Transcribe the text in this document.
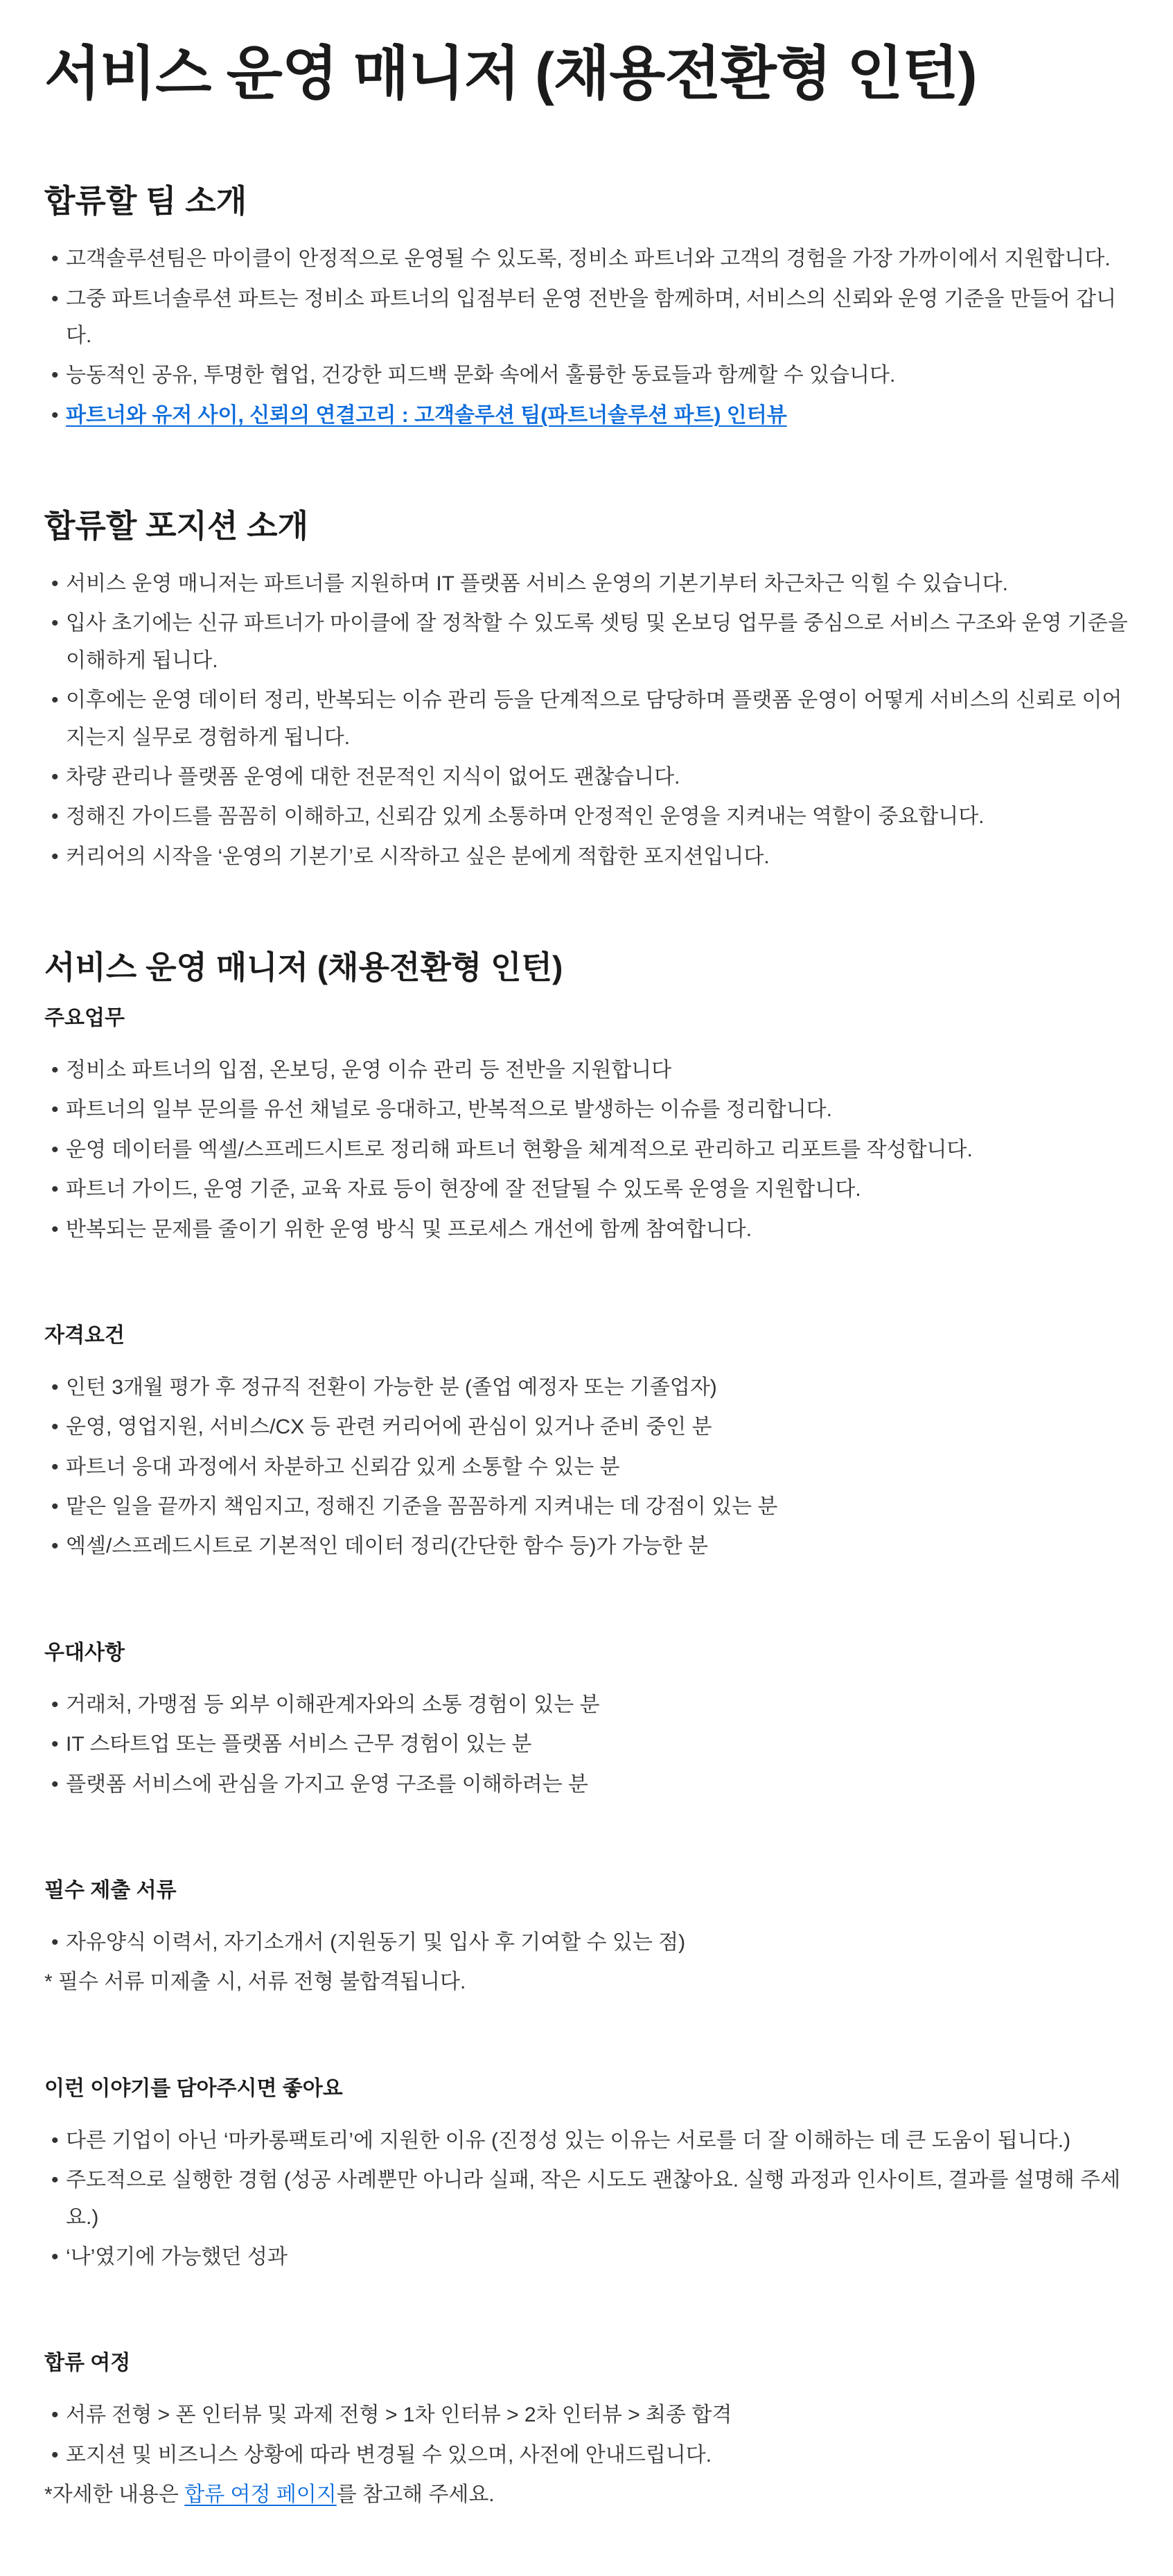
서비스 운영 매니저 (채용전환형 인턴)
합류할 팀 소개
• 고객솔루션팀은 마이클이 안정적으로 운영될 수 있도록, 정비소 파트너와 고객의 경험을 가장 가까이에서 지원합니다.
• 그중 파트너솔루션 파트는 정비소 파트너의 입점부터 운영 전반을 함께하며, 서비스의 신뢰와 운영 기준을 만들어 갑니다.
• 능동적인 공유, 투명한 협업, 건강한 피드백 문화 속에서 훌륭한 동료들과 함께할 수 있습니다.
• 파트너와 유저 사이, 신뢰의 연결고리 : 고객솔루션 팀(파트너솔루션 파트) 인터뷰
합류할 포지션 소개
• 서비스 운영 매니저는 파트너를 지원하며 IT 플랫폼 서비스 운영의 기본기부터 차근차근 익힐 수 있습니다.
• 입사 초기에는 신규 파트너가 마이클에 잘 정착할 수 있도록 셋팅 및 온보딩 업무를 중심으로 서비스 구조와 운영 기준을 이해하게 됩니다.
• 이후에는 운영 데이터 정리, 반복되는 이슈 관리 등을 단계적으로 담당하며 플랫폼 운영이 어떻게 서비스의 신뢰로 이어지는지 실무로 경험하게 됩니다.
• 차량 관리나 플랫폼 운영에 대한 전문적인 지식이 없어도 괜찮습니다.
• 정해진 가이드를 꼼꼼히 이해하고, 신뢰감 있게 소통하며 안정적인 운영을 지켜내는 역할이 중요합니다.
• 커리어의 시작을 ‘운영의 기본기’로 시작하고 싶은 분에게 적합한 포지션입니다.
서비스 운영 매니저 (채용전환형 인턴)
주요업무
• 정비소 파트너의 입점, 온보딩, 운영 이슈 관리 등 전반을 지원합니다
• 파트너의 일부 문의를 유선 채널로 응대하고, 반복적으로 발생하는 이슈를 정리합니다.
• 운영 데이터를 엑셀/스프레드시트로 정리해 파트너 현황을 체계적으로 관리하고 리포트를 작성합니다.
• 파트너 가이드, 운영 기준, 교육 자료 등이 현장에 잘 전달될 수 있도록 운영을 지원합니다.
• 반복되는 문제를 줄이기 위한 운영 방식 및 프로세스 개선에 함께 참여합니다.
자격요건
• 인턴 3개월 평가 후 정규직 전환이 가능한 분 (졸업 예정자 또는 기졸업자)
• 운영, 영업지원, 서비스/CX 등 관련 커리어에 관심이 있거나 준비 중인 분
• 파트너 응대 과정에서 차분하고 신뢰감 있게 소통할 수 있는 분
• 맡은 일을 끝까지 책임지고, 정해진 기준을 꼼꼼하게 지켜내는 데 강점이 있는 분
• 엑셀/스프레드시트로 기본적인 데이터 정리(간단한 함수 등)가 가능한 분
우대사항
• 거래처, 가맹점 등 외부 이해관계자와의 소통 경험이 있는 분
• IT 스타트업 또는 플랫폼 서비스 근무 경험이 있는 분
• 플랫폼 서비스에 관심을 가지고 운영 구조를 이해하려는 분
필수 제출 서류
• 자유양식 이력서, 자기소개서 (지원동기 및 입사 후 기여할 수 있는 점)

* 필수 서류 미제출 시, 서류 전형 불합격됩니다.

이런 이야기를 담아주시면 좋아요
• 다른 기업이 아닌 ‘마카롱팩토리’에 지원한 이유 (진정성 있는 이유는 서로를 더 잘 이해하는 데 큰 도움이 됩니다.)
• 주도적으로 실행한 경험 (성공 사례뿐만 아니라 실패, 작은 시도도 괜찮아요. 실행 과정과 인사이트, 결과를 설명해 주세요.)
• ‘나’였기에 가능했던 성과
합류 여정
• 서류 전형 > 폰 인터뷰 및 과제 전형 > 1차 인터뷰 > 2차 인터뷰 > 최종 합격
• 포지션 및 비즈니스 상황에 따라 변경될 수 있으며, 사전에 안내드립니다.

*자세한 내용은 합류 여정 페이지를 참고해 주세요.
